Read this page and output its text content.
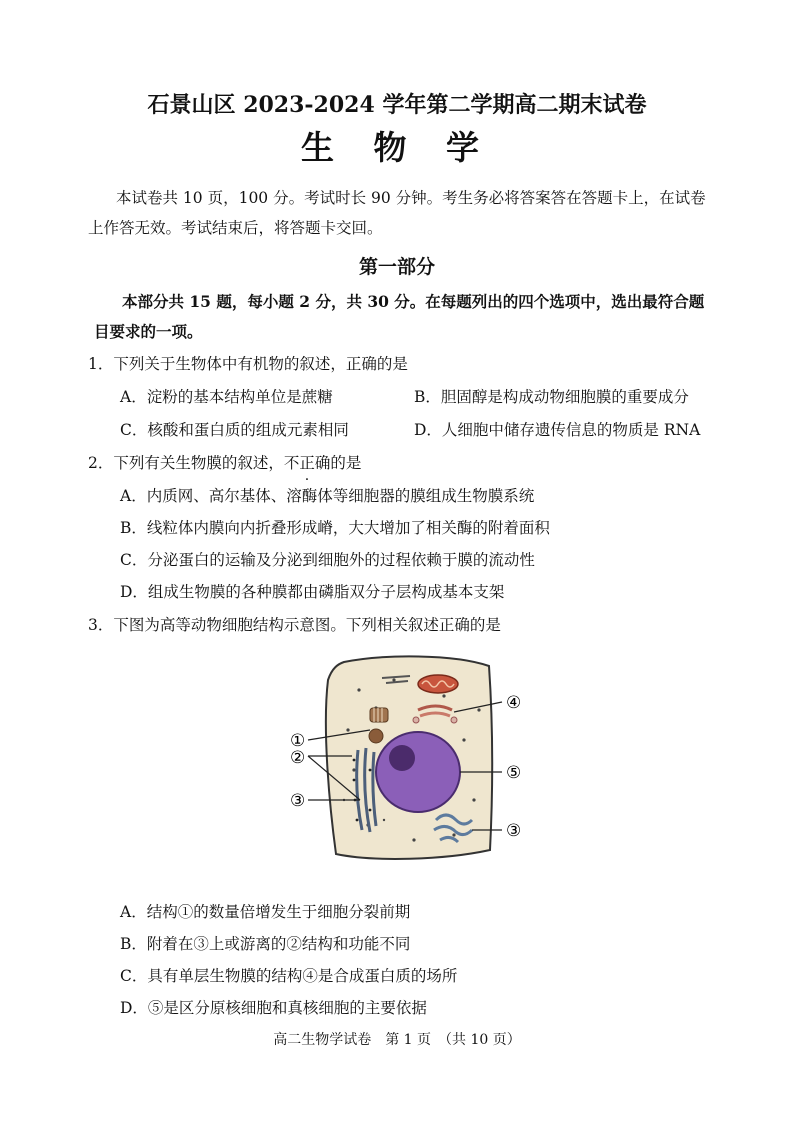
石景山区 2023-2024 学年第二学期高二期末试卷
生 物 学
本试卷共 10 页，100 分。考试时长 90 分钟。考生务必将答案答在答题卡上，在试卷
上作答无效。考试结束后，将答题卡交回。
第一部分
本部分共 15 题，每小题 2 分，共 30 分。在每题列出的四个选项中，选出最符合题
目要求的一项。
1．下列关于生物体中有机物的叙述，正确的是
A．淀粉的基本结构单位是蔗糖	B．胆固醇是构成动物细胞膜的重要成分
C．核酸和蛋白质的组成元素相同	D．人细胞中储存遗传信息的物质是 RNA
2．下列有关生物膜的叙述，不正确的是
A．内质网、高尔基体、溶酶体等细胞器的膜组成生物膜系统
B．线粒体内膜向内折叠形成嵴，大大增加了相关酶的附着面积
C．分泌蛋白的运输及分泌到细胞外的过程依赖于膜的流动性
D．组成生物膜的各种膜都由磷脂双分子层构成基本支架
3．下图为高等动物细胞结构示意图。下列相关叙述正确的是
①
②
③
④
⑤
③
A．结构①的数量倍增发生于细胞分裂前期
B．附着在③上或游离的②结构和功能不同
C．具有单层生物膜的结构④是合成蛋白质的场所
D．⑤是区分原核细胞和真核细胞的主要依据
高二生物学试卷　第 1 页　（共 10 页）
